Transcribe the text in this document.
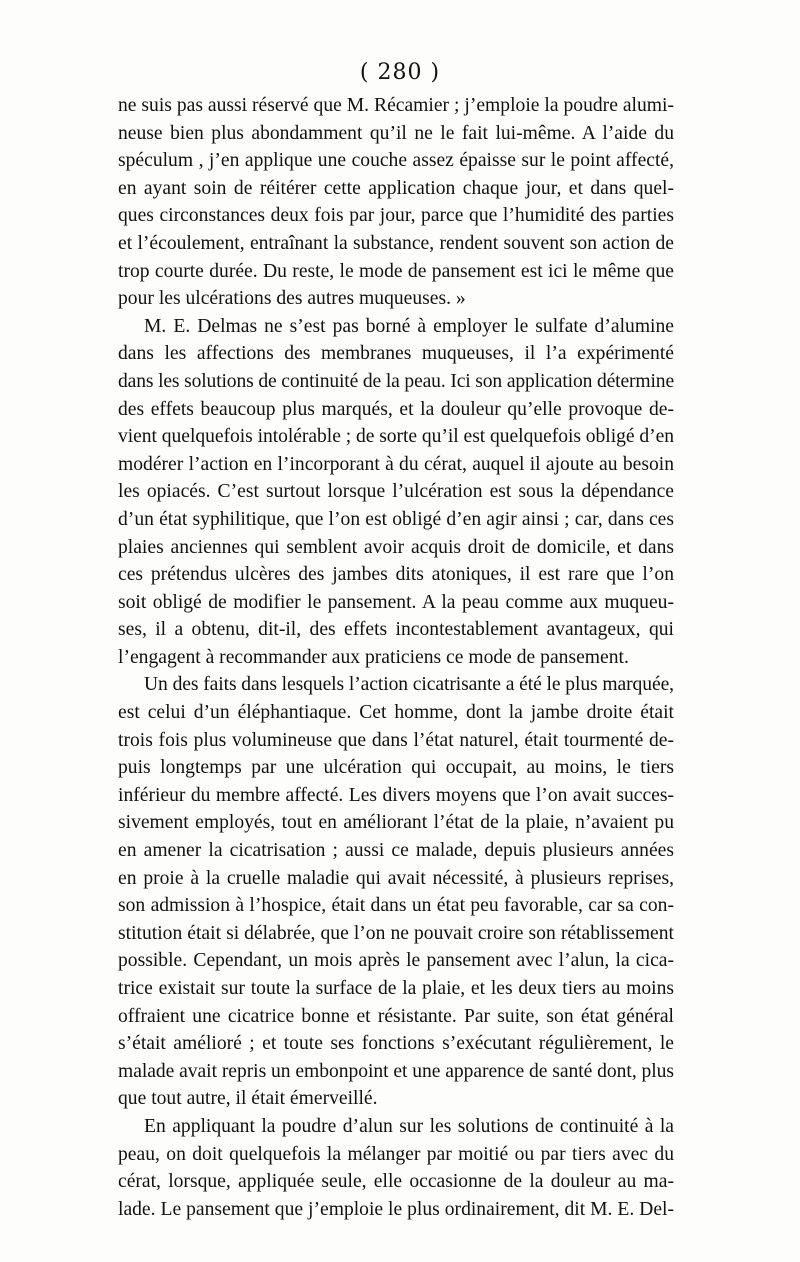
( 280 )
ne suis pas aussi réservé que M. Récamier ; j’emploie la poudre alumi-
neuse bien plus abondamment qu’il ne le fait lui-même. A l’aide du
spéculum , j’en applique une couche assez épaisse sur le point affecté,
en ayant soin de réitérer cette application chaque jour, et dans quel-
ques circonstances deux fois par jour, parce que l’humidité des parties
et l’écoulement, entraînant la substance, rendent souvent son action de
trop courte durée. Du reste, le mode de pansement est ici le même que
pour les ulcérations des autres muqueuses. »
M. E. Delmas ne s’est pas borné à employer le sulfate d’alumine
dans les affections des membranes muqueuses, il l’a expérimenté
dans les solutions de continuité de la peau. Ici son application détermine
des effets beaucoup plus marqués, et la douleur qu’elle provoque de-
vient quelquefois intolérable ; de sorte qu’il est quelquefois obligé d’en
modérer l’action en l’incorporant à du cérat, auquel il ajoute au besoin
les opiacés. C’est surtout lorsque l’ulcération est sous la dépendance
d’un état syphilitique, que l’on est obligé d’en agir ainsi ; car, dans ces
plaies anciennes qui semblent avoir acquis droit de domicile, et dans
ces prétendus ulcères des jambes dits atoniques, il est rare que l’on
soit obligé de modifier le pansement. A la peau comme aux muqueu-
ses, il a obtenu, dit-il, des effets incontestablement avantageux, qui
l’engagent à recommander aux praticiens ce mode de pansement.
Un des faits dans lesquels l’action cicatrisante a été le plus marquée,
est celui d’un éléphantiaque. Cet homme, dont la jambe droite était
trois fois plus volumineuse que dans l’état naturel, était tourmenté de-
puis longtemps par une ulcération qui occupait, au moins, le tiers
inférieur du membre affecté. Les divers moyens que l’on avait succes-
sivement employés, tout en améliorant l’état de la plaie, n’avaient pu
en amener la cicatrisation ; aussi ce malade, depuis plusieurs années
en proie à la cruelle maladie qui avait nécessité, à plusieurs reprises,
son admission à l’hospice, était dans un état peu favorable, car sa con-
stitution était si délabrée, que l’on ne pouvait croire son rétablissement
possible. Cependant, un mois après le pansement avec l’alun, la cica-
trice existait sur toute la surface de la plaie, et les deux tiers au moins
offraient une cicatrice bonne et résistante. Par suite, son état général
s’était amélioré ; et toute ses fonctions s’exécutant régulièrement, le
malade avait repris un embonpoint et une apparence de santé dont, plus
que tout autre, il était émerveillé.
En appliquant la poudre d’alun sur les solutions de continuité à la
peau, on doit quelquefois la mélanger par moitié ou par tiers avec du
cérat, lorsque, appliquée seule, elle occasionne de la douleur au ma-
lade. Le pansement que j’emploie le plus ordinairement, dit M. E. Del-
